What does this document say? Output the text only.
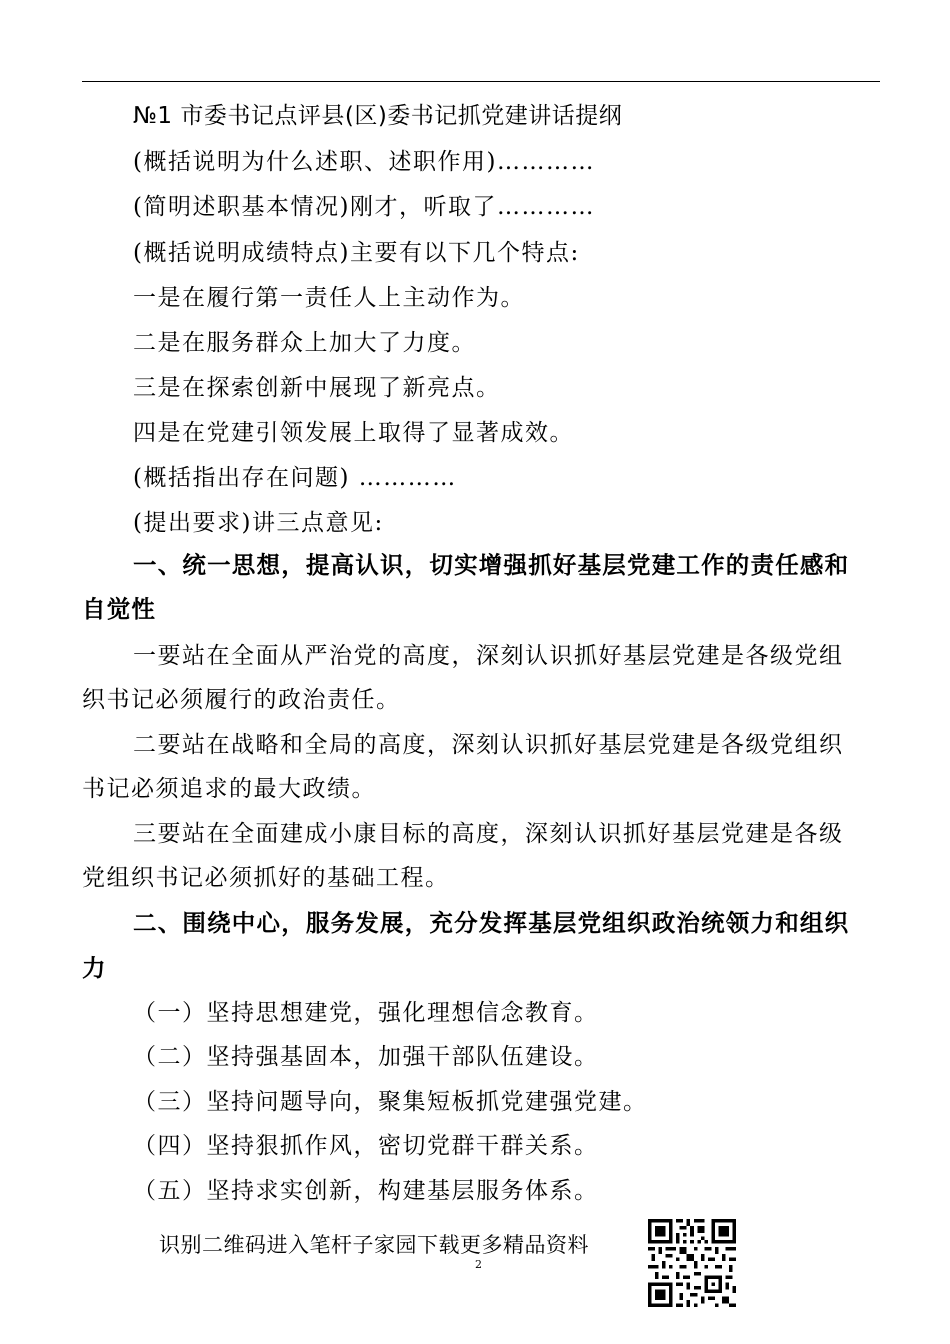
№1 市委书记点评县(区)委书记抓党建讲话提纲
(概括说明为什么述职、述职作用)…………
(简明述职基本情况)刚才，听取了…………
(概括说明成绩特点)主要有以下几个特点:
一是在履行第一责任人上主动作为。
二是在服务群众上加大了力度。
三是在探索创新中展现了新亮点。
四是在党建引领发展上取得了显著成效。
(概括指出存在问题) …………
(提出要求)讲三点意见:
一、统一思想，提高认识，切实增强抓好基层党建工作的责任感和
自觉性
一要站在全面从严治党的高度，深刻认识抓好基层党建是各级党组
织书记必须履行的政治责任。
二要站在战略和全局的高度，深刻认识抓好基层党建是各级党组织
书记必须追求的最大政绩。
三要站在全面建成小康目标的高度，深刻认识抓好基层党建是各级
党组织书记必须抓好的基础工程。
二、围绕中心，服务发展，充分发挥基层党组织政治统领力和组织
力
（一）坚持思想建党，强化理想信念教育。
（二）坚持强基固本，加强干部队伍建设。
（三）坚持问题导向，聚集短板抓党建强党建。
（四）坚持狠抓作风，密切党群干群关系。
（五）坚持求实创新，构建基层服务体系。
识别二维码进入笔杆子家园下载更多精品资料
2
